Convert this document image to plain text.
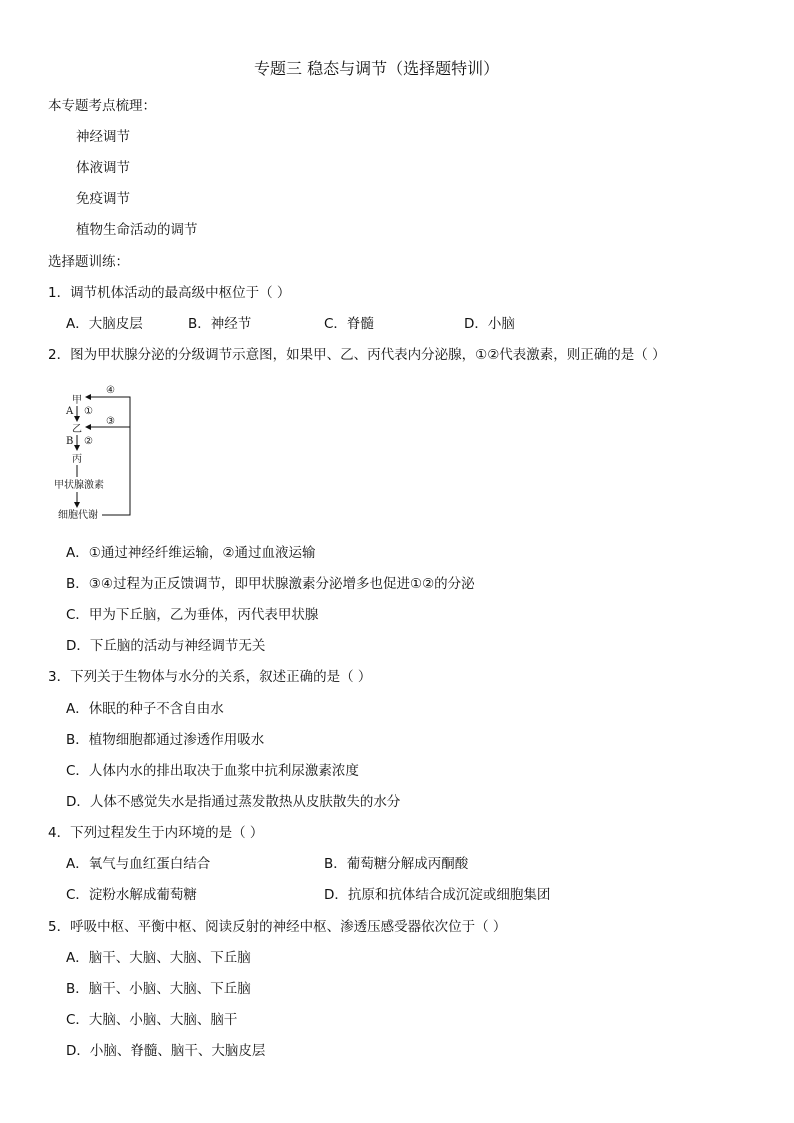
专题三 稳态与调节（选择题特训）
本专题考点梳理：
神经调节
体液调节
免疫调节
植物生命活动的调节
选择题训练：
1．调节机体活动的最高级中枢位于（ ）
A．大脑皮层	B．神经节	C．脊髓	D．小脑
2．图为甲状腺分泌的分级调节示意图，如果甲、乙、丙代表内分泌腺，①②代表激素，则正确的是（ ）
甲
乙
丙
甲状腺激素
细胞代谢
A
B
①
②
③
④
A．①通过神经纤维运输，②通过血液运输
B．③④过程为正反馈调节，即甲状腺激素分泌增多也促进①②的分泌
C．甲为下丘脑，乙为垂体，丙代表甲状腺
D．下丘脑的活动与神经调节无关
3．下列关于生物体与水分的关系，叙述正确的是（ ）
A．休眠的种子不含自由水
B．植物细胞都通过渗透作用吸水
C．人体内水的排出取决于血浆中抗利尿激素浓度
D．人体不感觉失水是指通过蒸发散热从皮肤散失的水分
4．下列过程发生于内环境的是（ ）
A．氧气与血红蛋白结合	B．葡萄糖分解成丙酮酸
C．淀粉水解成葡萄糖	D．抗原和抗体结合成沉淀或细胞集团
5．呼吸中枢、平衡中枢、阅读反射的神经中枢、渗透压感受器依次位于（ ）
A．脑干、大脑、大脑、下丘脑
B．脑干、小脑、大脑、下丘脑
C．大脑、小脑、大脑、脑干
D．小脑、脊髓、脑干、大脑皮层
